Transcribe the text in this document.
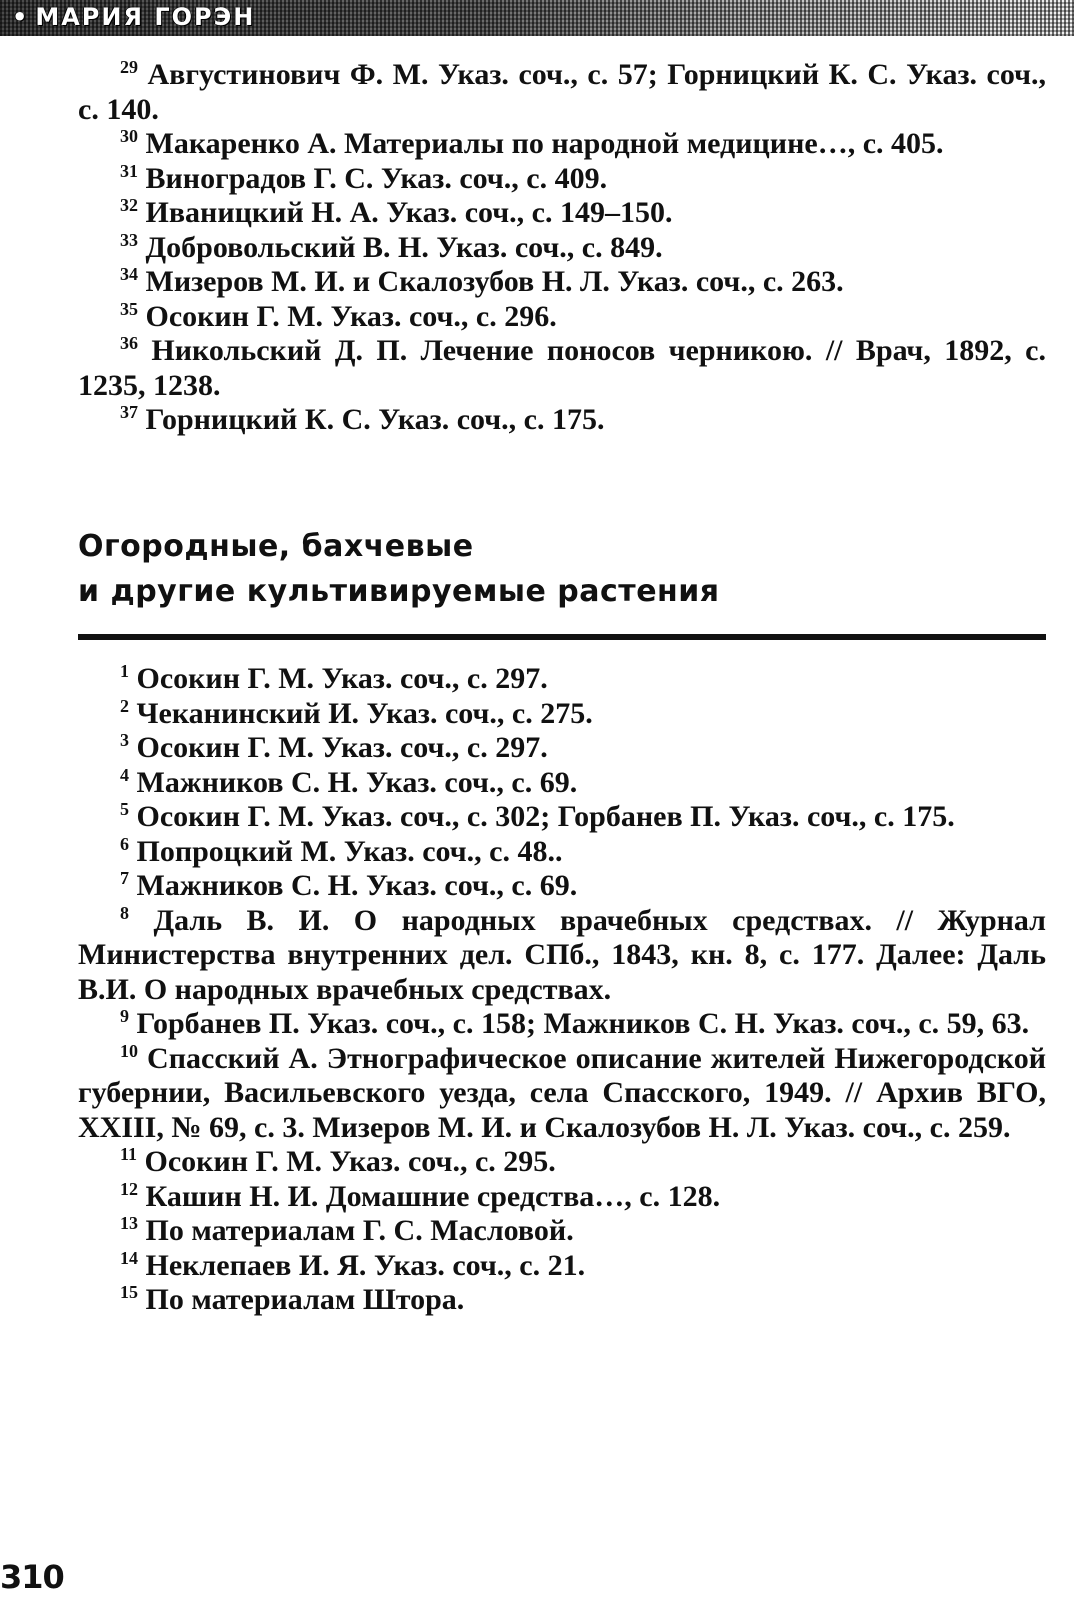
• МАРИЯ ГОРЭН

$^{29}$ Августинович Ф. М. Указ. соч., с. 57; Горницкий К. С. Указ. соч., с. 140.

$^{30}$ Макаренко А. Материалы по народной медицине…, с. 405.

$^{31}$ Виноградов Г. С. Указ. соч., с. 409.

$^{32}$ Иваницкий Н. А. Указ. соч., с. 149–150.

$^{33}$ Добровольский В. Н. Указ. соч., с. 849.

$^{34}$ Мизеров М. И. и Скалозубов Н. Л. Указ. соч., с. 263.

$^{35}$ Осокин Г. М. Указ. соч., с. 296.

$^{36}$ Никольский Д. П. Лечение поносов черникою. // Врач, 1892, с. 1235, 1238.

$^{37}$ Горницкий К. С. Указ. соч., с. 175.

Огородные, бахчевые
и другие культивируемые растения

$^1$ Осокин Г. М. Указ. соч., с. 297.

$^2$ Чеканинский И. Указ. соч., с. 275.

$^3$ Осокин Г. М. Указ. соч., с. 297.

$^4$ Мажников С. Н. Указ. соч., с. 69.

$^5$ Осокин Г. М. Указ. соч., с. 302; Горбанев П. Указ. соч., с. 175.

$^6$ Попроцкий М. Указ. соч., с. 48..

$^7$ Мажников С. Н. Указ. соч., с. 69.

$^8$ Даль В. И. О народных врачебных средствах. // Журнал Министерства внутренних дел. СПб., 1843, кн. 8, с. 177. Далее: Даль В.И. О народных врачебных средствах.

$^9$ Горбанев П. Указ. соч., с. 158; Мажников С. Н. Указ. соч., с. 59, 63.

$^{10}$ Спасский А. Этнографическое описание жителей Нижегородской губернии, Васильевского уезда, села Спасского, 1949. // Архив ВГО, XXIII, № 69, с. 3. Мизеров М. И. и Скалозубов Н. Л. Указ. соч., с. 259.

$^{11}$ Осокин Г. М. Указ. соч., с. 295.

$^{12}$ Кашин Н. И. Домашние средства…, с. 128.

$^{13}$ По материалам Г. С. Масловой.

$^{14}$ Неклепаев И. Я. Указ. соч., с. 21.

$^{15}$ По материалам Штора.

310
